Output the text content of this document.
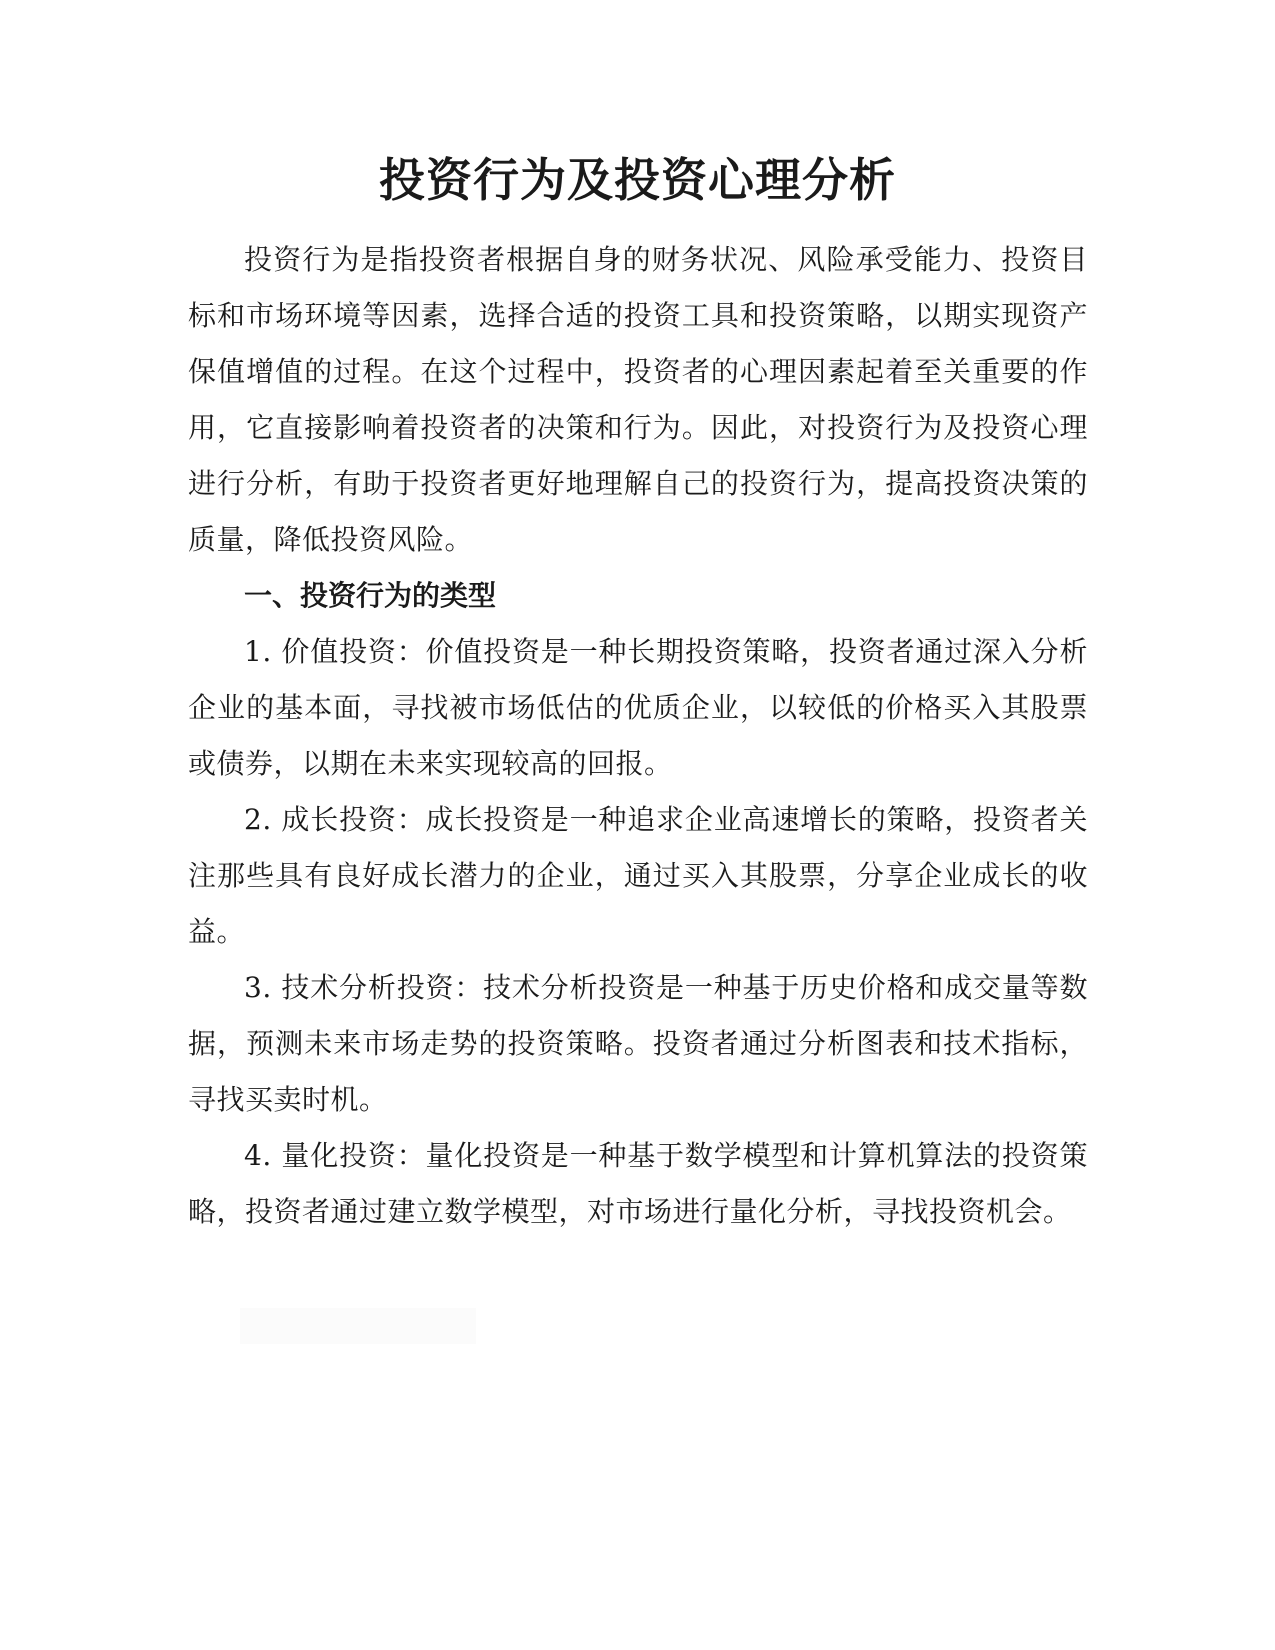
投资行为及投资心理分析

投资行为是指投资者根据自身的财务状况、风险承受能力、投资目标和市场环境等因素，选择合适的投资工具和投资策略，以期实现资产保值增值的过程。在这个过程中，投资者的心理因素起着至关重要的作用，它直接影响着投资者的决策和行为。因此，对投资行为及投资心理进行分析，有助于投资者更好地理解自己的投资行为，提高投资决策的质量，降低投资风险。

一、投资行为的类型

1. 价值投资：价值投资是一种长期投资策略，投资者通过深入分析企业的基本面，寻找被市场低估的优质企业，以较低的价格买入其股票或债券，以期在未来实现较高的回报。

2. 成长投资：成长投资是一种追求企业高速增长的策略，投资者关注那些具有良好成长潜力的企业，通过买入其股票，分享企业成长的收益。

3. 技术分析投资：技术分析投资是一种基于历史价格和成交量等数据，预测未来市场走势的投资策略。投资者通过分析图表和技术指标，寻找买卖时机。

4. 量化投资：量化投资是一种基于数学模型和计算机算法的投资策略，投资者通过建立数学模型，对市场进行量化分析，寻找投资机会。
